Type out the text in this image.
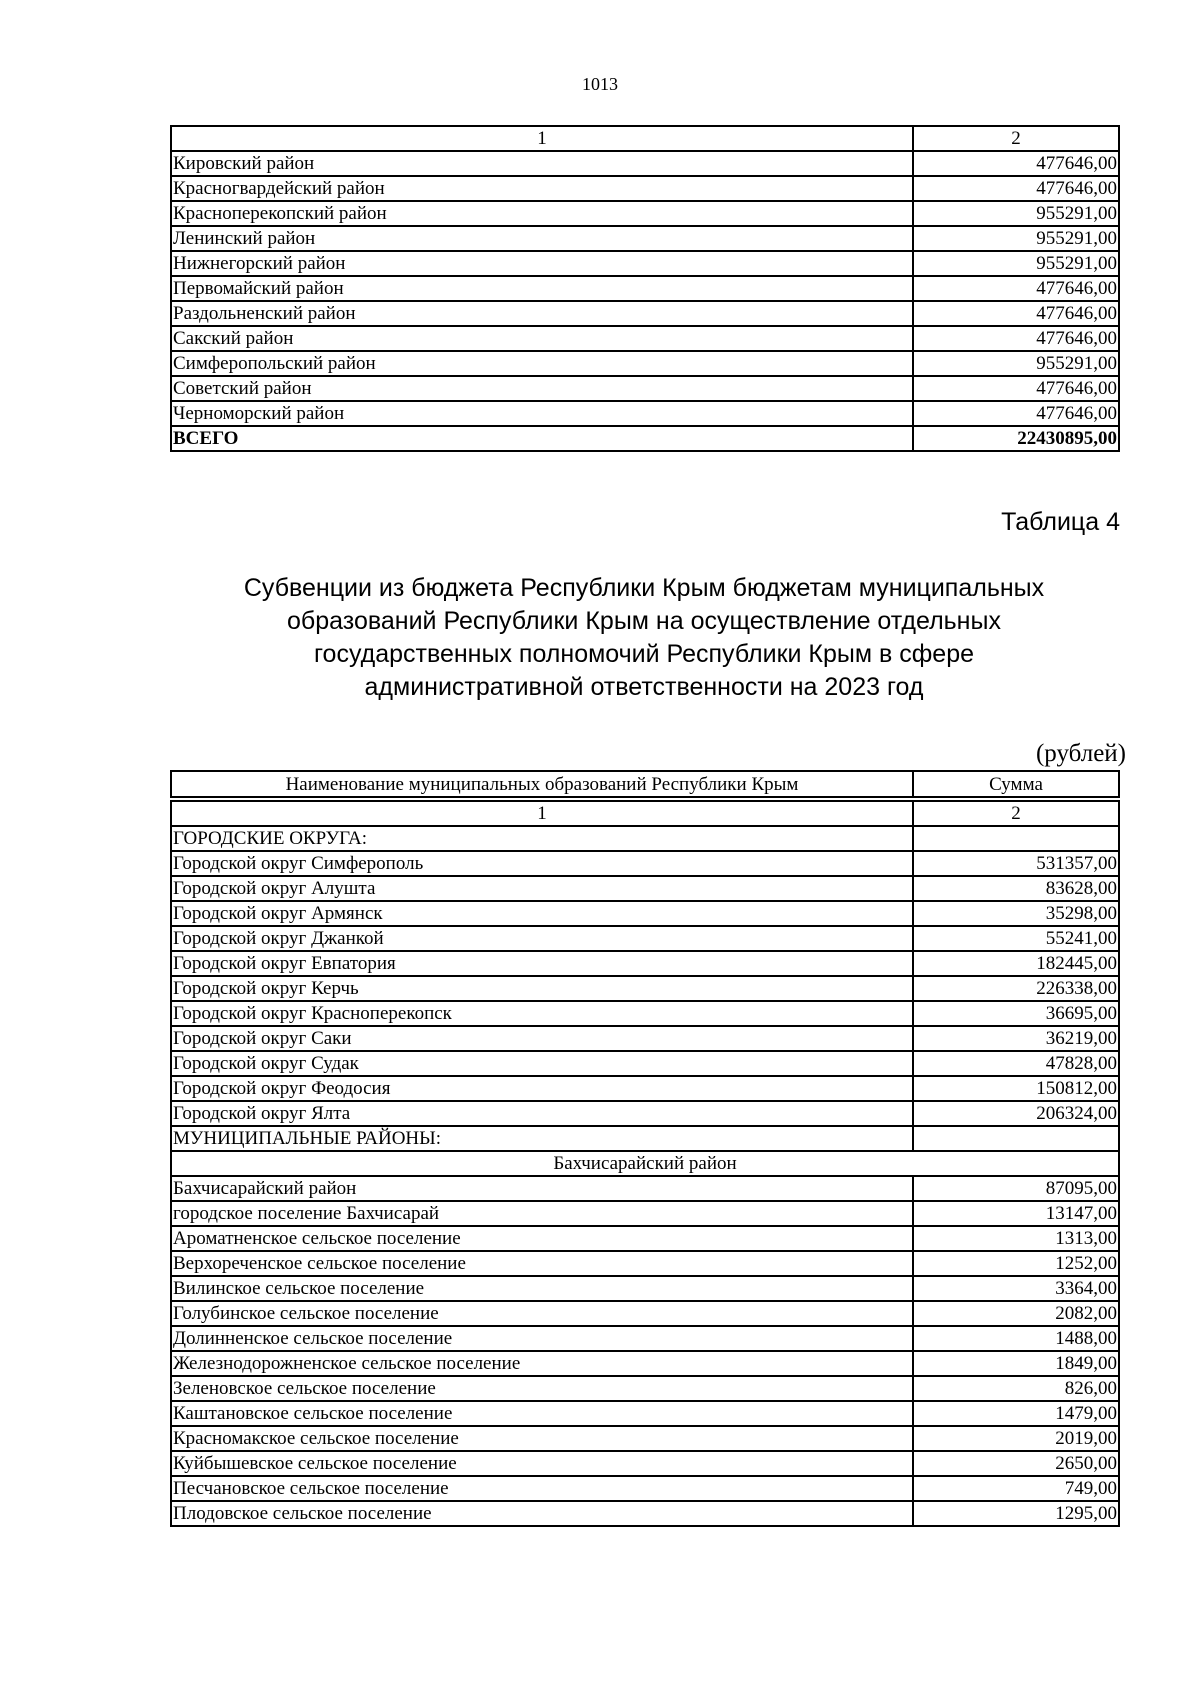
1013
1	2
Кировский район	477646,00
Красногвардейский район	477646,00
Красноперекопский район	955291,00
Ленинский район	955291,00
Нижнегорский район	955291,00
Первомайский район	477646,00
Раздольненский район	477646,00
Сакский район	477646,00
Симферопольский район	955291,00
Советский район	477646,00
Черноморский район	477646,00
ВСЕГО	22430895,00
Таблица 4
Субвенции из бюджета Республики Крым бюджетам муниципальных
образований Республики Крым на осуществление отдельных
государственных полномочий Республики Крым в сфере
административной ответственности на 2023 год
(рублей)
Наименование муниципальных образований Республики Крым	Сумма

1	2
ГОРОДСКИЕ ОКРУГА:	
Городской округ Симферополь	531357,00
Городской округ Алушта	83628,00
Городской округ Армянск	35298,00
Городской округ Джанкой	55241,00
Городской округ Евпатория	182445,00
Городской округ Керчь	226338,00
Городской округ Красноперекопск	36695,00
Городской округ Саки	36219,00
Городской округ Судак	47828,00
Городской округ Феодосия	150812,00
Городской округ Ялта	206324,00
МУНИЦИПАЛЬНЫЕ РАЙОНЫ:	
Бахчисарайский район	
Бахчисарайский район	87095,00
городское поселение Бахчисарай	13147,00
Ароматненское сельское поселение	1313,00
Верхореченское сельское поселение	1252,00
Вилинское сельское поселение	3364,00
Голубинское сельское поселение	2082,00
Долинненское сельское поселение	1488,00
Железнодорожненское сельское поселение	1849,00
Зеленовское сельское поселение	826,00
Каштановское сельское поселение	1479,00
Красномакское сельское поселение	2019,00
Куйбышевское сельское поселение	2650,00
Песчановское сельское поселение	749,00
Плодовское сельское поселение	1295,00
